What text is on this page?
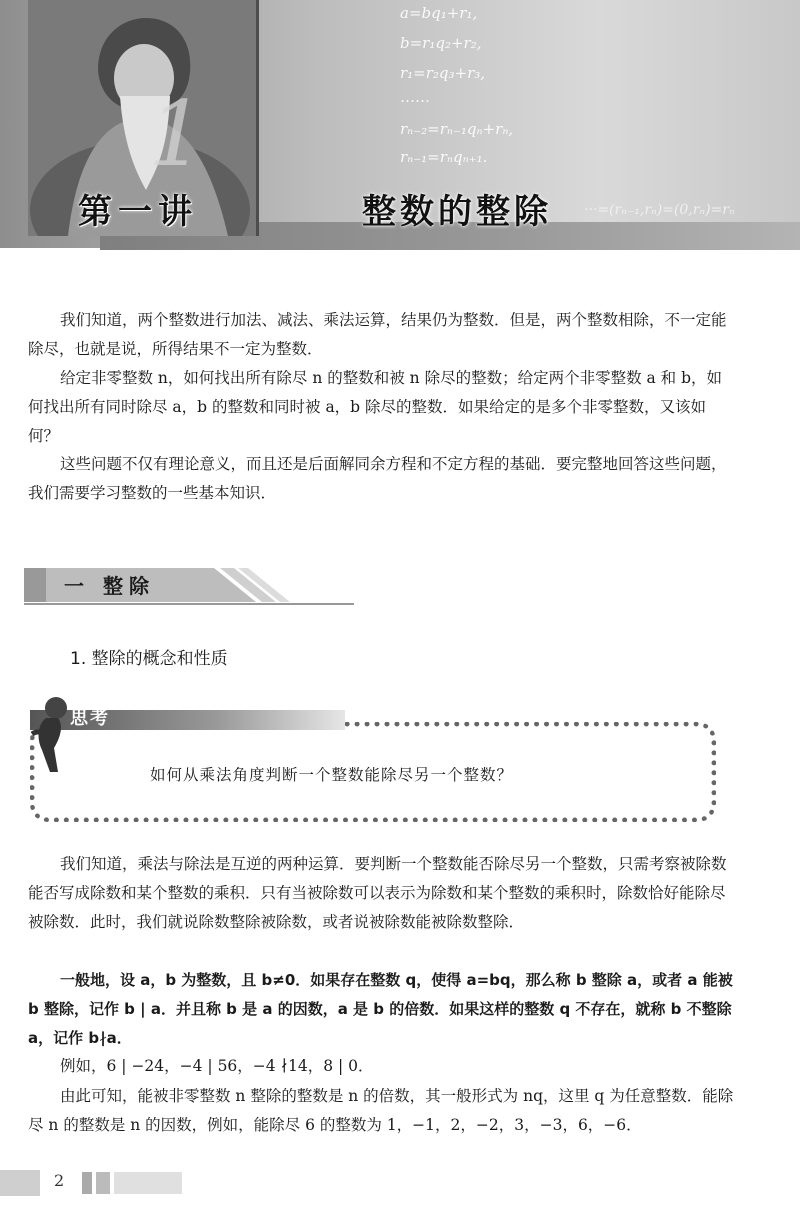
1
a=bq₁+r₁,
b=r₁q₂+r₂,
r₁=r₂q₃+r₃,
……
rₙ₋₂=rₙ₋₁qₙ+rₙ,
rₙ₋₁=rₙqₙ₊₁.
···=(rₙ₋₁,rₙ)=(0,rₙ)=rₙ
第一讲	整数的整除

我们知道，两个整数进行加法、减法、乘法运算，结果仍为整数．但是，两个整数相除，不一定能除尽，也就是说，所得结果不一定为整数．

给定非零整数 n，如何找出所有除尽 n 的整数和被 n 除尽的整数；给定两个非零整数 a 和 b，如何找出所有同时除尽 a，b 的整数和同时被 a，b 除尽的整数．如果给定的是多个非零整数，又该如何？

这些问题不仅有理论意义，而且还是后面解同余方程和不定方程的基础．要完整地回答这些问题，我们需要学习整数的一些基本知识．

一 整除
1. 整除的概念和性质
思考
如何从乘法角度判断一个整数能除尽另一个整数？

我们知道，乘法与除法是互逆的两种运算．要判断一个整数能否除尽另一个整数，只需考察被除数能否写成除数和某个整数的乘积．只有当被除数可以表示为除数和某个整数的乘积时，除数恰好能除尽被除数．此时，我们就说除数整除被除数，或者说被除数能被除数整除．

一般地，设 a，b 为整数，且 b≠0．如果存在整数 q，使得 a=bq，那么称 b 整除 a，或者 a 能被 b 整除，记作 b | a．并且称 b 是 a 的因数，a 是 b 的倍数．如果这样的整数 q 不存在，就称 b 不整除 a，记作 b∤a．

例如，6 | −24，−4 | 56，−4 ∤14，8 | 0．

由此可知，能被非零整数 n 整除的整数是 n 的倍数，其一般形式为 nq，这里 q 为任意整数．能除尽 n 的整数是 n 的因数，例如，能除尽 6 的整数为 1，−1，2，−2，3，−3，6，−6．

2
